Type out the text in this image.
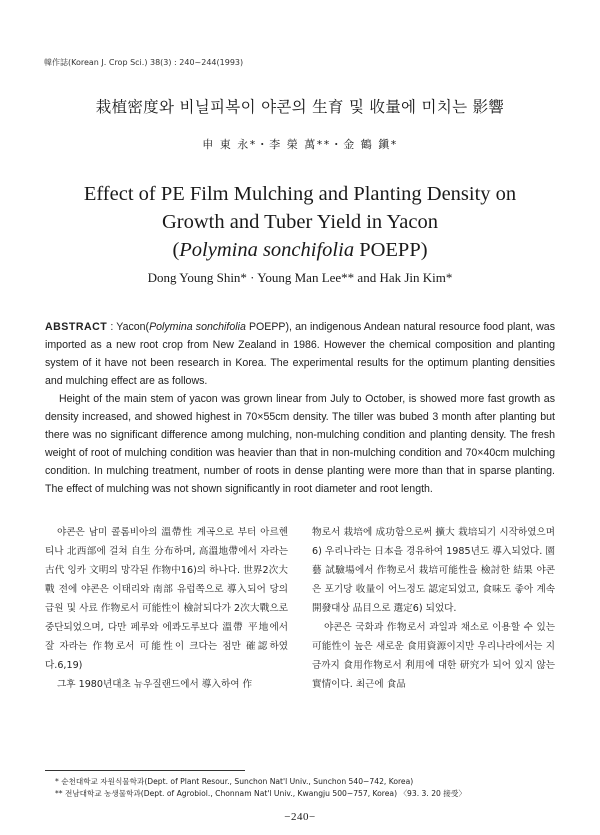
韓作誌(Korean J. Crop Sci.) 38(3) : 240~244(1993)
栽植密度와 비닐피복이 야콘의 生育 및 收量에 미치는 影響
申 東 永*・李 榮 萬**・金 鶴 鎭*
Effect of PE Film Mulching and Planting Density on
Growth and Tuber Yield in Yacon
(Polymina sonchifolia POEPP)
Dong Young Shin* · Young Man Lee** and Hak Jin Kim*

ABSTRACT : Yacon(Polymina sonchifolia POEPP), an indigenous Andean natural resource food plant, was imported as a new root crop from New Zealand in 1986. However the chemical composition and planting system of it have not been research in Korea. The experimental results for the optimum planting densities and mulching effect are as follows.

Height of the main stem of yacon was grown linear from July to October, is showed more fast growth as density increased, and showed highest in 70×55cm density. The tiller was bubed 3 month after planting but there was no significant difference among mulching, non-mulching condition and planting density. The fresh weight of root of mulching condition was heavier than that in non-mulching condition and 70×40cm mulching condition. In mulching treatment, number of roots in dense planting were more than that in sparse planting. The effect of mulching was not shown significantly in root diameter and root length.

야콘은 남미 콜롬비아의 溫帶性 계곡으로 부터 아르헨티나 北西部에 걸쳐 自生 分布하며, 高溫地帶에서 자라는 古代 잉카 文明의 망각된 作物中16)의 하나다. 世界2次大戰 전에 야콘은 이태리와 南部 유럽쪽으로 導入되어 당의 급원 및 사료 作物로서 可能性이 檢討되다가 2次大戰으로 중단되었으며, 다만 페루와 에콰도루보다 溫帶 平地에서 잘 자라는 作物로서 可能性이 크다는 점만 確認하였다.6,19)

그후 1980년대초 뉴우질랜드에서 導入하여 作

物로서 栽培에 成功함으로써 擴大 栽培되기 시작하였으며6) 우리나라는 日本을 경유하여 1985년도 導入되었다. 園藝 試驗場에서 作物로서 栽培可能性을 檢討한 結果 야콘은 포기당 收量이 어느정도 認定되었고, 食味도 좋아 계속 開發대상 品目으로 選定6) 되었다.

야콘은 국화과 作物로서 과일과 채소로 이용할 수 있는 可能性이 높은 새로운 食用資源이지만 우리나라에서는 지금까지 食用作物로서 利用에 대한 研究가 되어 있지 않는 實情이다. 최근에 食品

* 순천대학교 자원식물학과(Dept. of Plant Resour., Sunchon Nat'l Univ., Sunchon 540−742, Korea)
** 전남대학교 농생물학과(Dept. of Agrobiol., Chonnam Nat'l Univ., Kwangju 500−757, Korea) 〈93. 3. 20 接受〉
−240−
